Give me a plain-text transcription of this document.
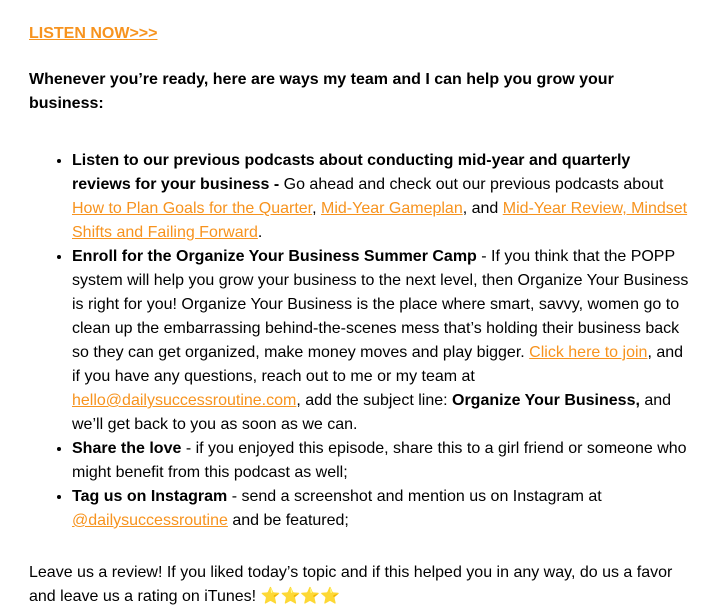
LISTEN NOW>>>

Whenever you’re ready, here are ways my team and I can help you grow your business:

• Listen to our previous podcasts about conducting mid-year and quarterly reviews for your business - Go ahead and check out our previous podcasts about How to Plan Goals for the Quarter, Mid-Year Gameplan, and Mid-Year Review, Mindset Shifts and Failing Forward.
• Enroll for the Organize Your Business Summer Camp - If you think that the POPP system will help you grow your business to the next level, then Organize Your Business is right for you! Organize Your Business is the place where smart, savvy, women go to clean up the embarrassing behind-the-scenes mess that’s holding their business back so they can get organized, make money moves and play bigger. Click here to join, and if you have any questions, reach out to me or my team at hello@dailysuccessroutine.com, add the subject line: Organize Your Business, and we’ll get back to you as soon as we can.
• Share the love - if you enjoyed this episode, share this to a girl friend or someone who might benefit from this podcast as well;
• Tag us on Instagram - send a screenshot and mention us on Instagram at @dailysuccessroutine and be featured;

Leave us a review! If you liked today’s topic and if this helped you in any way, do us a favor and leave us a rating on iTunes! ⭐⭐⭐⭐
